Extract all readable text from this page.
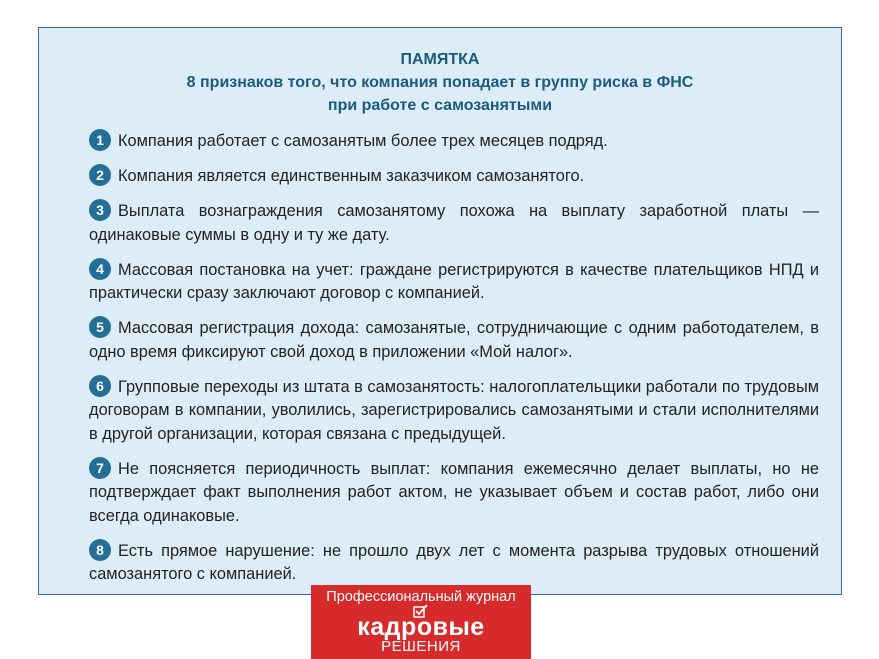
ПАМЯТКА
8 признаков того, что компания попадает в группу риска в ФНС
при работе с самозанятыми
1 Компания работает с самозанятым более трех месяцев подряд.
2 Компания является единственным заказчиком самозанятого.
3 Выплата вознаграждения самозанятому похожа на выплату заработной платы — одинаковые суммы в одну и ту же дату.
4 Массовая постановка на учет: граждане регистрируются в качестве плательщиков НПД и практически сразу заключают договор с компанией.
5 Массовая регистрация дохода: самозанятые, сотрудничающие с одним работодателем, в одно время фиксируют свой доход в приложении «Мой налог».
6 Групповые переходы из штата в самозанятость: налогоплательщики работали по трудовым договорам в компании, уволились, зарегистрировались самозанятыми и стали исполнителями в другой организации, которая связана с предыдущей.
7 Не поясняется периодичность выплат: компания ежемесячно делает выплаты, но не подтверждает факт выполнения работ актом, не указывает объем и состав работ, либо они всегда одинаковые.
8 Есть прямое нарушение: не прошло двух лет с момента разрыва трудовых отношений самозанятого с компанией.
Профессиональный журнал
кадровые
РЕШЕНИЯ
